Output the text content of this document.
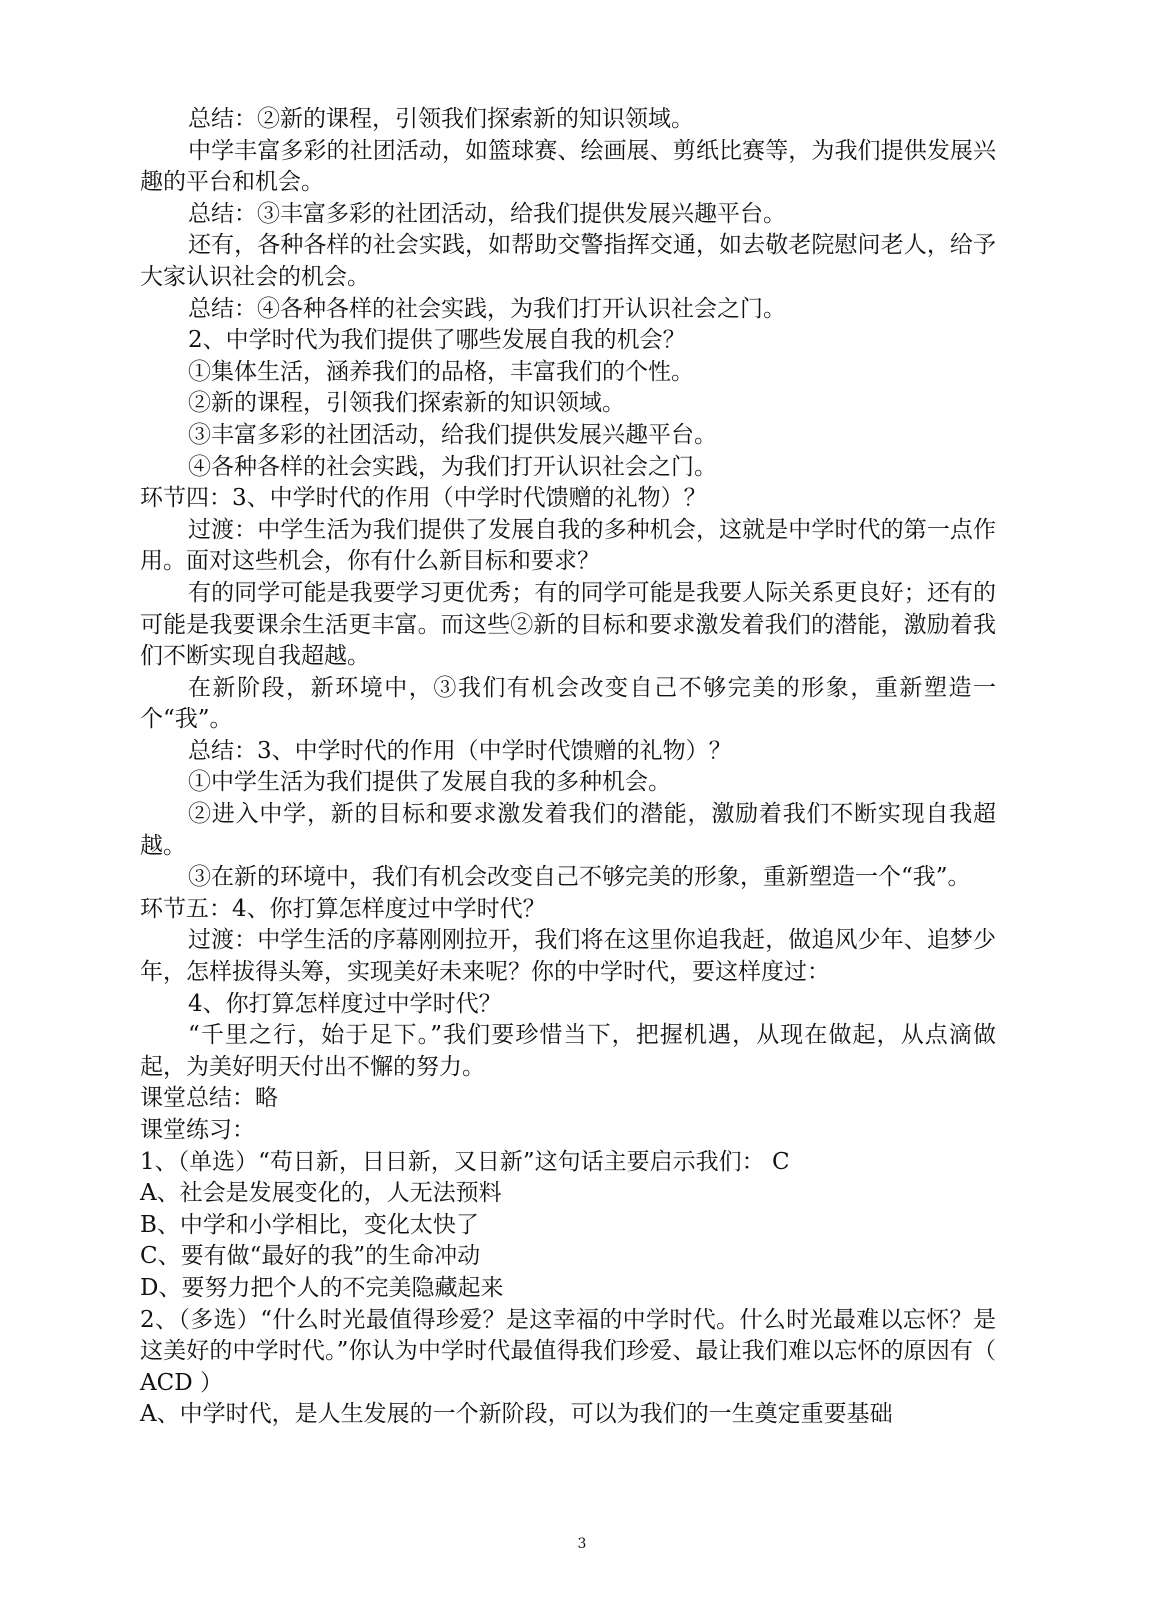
总结：②新的课程，引领我们探索新的知识领域。

中学丰富多彩的社团活动，如篮球赛、绘画展、剪纸比赛等，为我们提供发展兴趣的平台和机会。

总结：③丰富多彩的社团活动，给我们提供发展兴趣平台。

还有，各种各样的社会实践，如帮助交警指挥交通，如去敬老院慰问老人，给予大家认识社会的机会。

总结：④各种各样的社会实践，为我们打开认识社会之门。

2、中学时代为我们提供了哪些发展自我的机会？

①集体生活，涵养我们的品格，丰富我们的个性。

②新的课程，引领我们探索新的知识领域。

③丰富多彩的社团活动，给我们提供发展兴趣平台。

④各种各样的社会实践，为我们打开认识社会之门。

环节四：3、中学时代的作用（中学时代馈赠的礼物）？

过渡：中学生活为我们提供了发展自我的多种机会，这就是中学时代的第一点作用。面对这些机会，你有什么新目标和要求？

有的同学可能是我要学习更优秀；有的同学可能是我要人际关系更良好；还有的可能是我要课余生活更丰富。而这些②新的目标和要求激发着我们的潜能，激励着我们不断实现自我超越。

在新阶段，新环境中，③我们有机会改变自己不够完美的形象，重新塑造一个“我”。

总结：3、中学时代的作用（中学时代馈赠的礼物）？

①中学生活为我们提供了发展自我的多种机会。

②进入中学，新的目标和要求激发着我们的潜能，激励着我们不断实现自我超越。

③在新的环境中，我们有机会改变自己不够完美的形象，重新塑造一个“我”。

环节五：4、你打算怎样度过中学时代？

过渡：中学生活的序幕刚刚拉开，我们将在这里你追我赶，做追风少年、追梦少年，怎样拔得头筹，实现美好未来呢？你的中学时代，要这样度过：

4、你打算怎样度过中学时代？

“千里之行，始于足下。”我们要珍惜当下，把握机遇，从现在做起，从点滴做起，为美好明天付出不懈的努力。

课堂总结：略

课堂练习：

1、（单选）“苟日新，日日新，又日新”这句话主要启示我们： C

A、社会是发展变化的，人无法预料

B、中学和小学相比，变化太快了

C、要有做“最好的我”的生命冲动

D、要努力把个人的不完美隐藏起来

2、（多选）“什么时光最值得珍爱？是这幸福的中学时代。什么时光最难以忘怀？是这美好的中学时代。”你认为中学时代最值得我们珍爱、最让我们难以忘怀的原因有（ ACD ）

A、中学时代，是人生发展的一个新阶段，可以为我们的一生奠定重要基础

3
